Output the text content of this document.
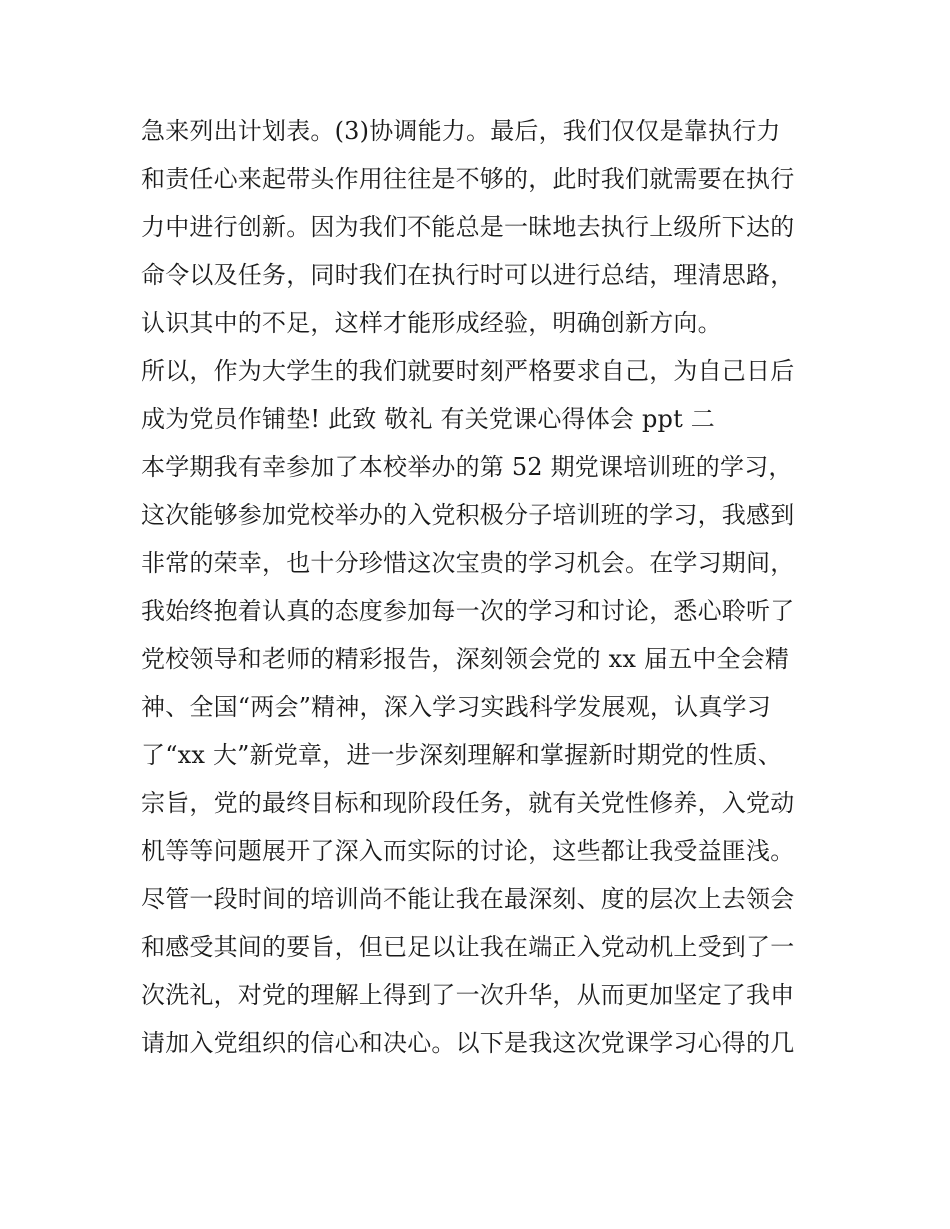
急来列出计划表。(3)协调能力。最后，我们仅仅是靠执行力
和责任心来起带头作用往往是不够的，此时我们就需要在执行
力中进行创新。因为我们不能总是一昧地去执行上级所下达的
命令以及任务，同时我们在执行时可以进行总结，理清思路，
认识其中的不足，这样才能形成经验，明确创新方向。
所以，作为大学生的我们就要时刻严格要求自己，为自己日后
成为党员作铺垫! 此致 敬礼 有关党课心得体会 ppt 二
本学期我有幸参加了本校举办的第 52 期党课培训班的学习，
这次能够参加党校举办的入党积极分子培训班的学习，我感到
非常的荣幸，也十分珍惜这次宝贵的学习机会。在学习期间，
我始终抱着认真的态度参加每一次的学习和讨论，悉心聆听了
党校领导和老师的精彩报告，深刻领会党的 xx 届五中全会精
神、全国“两会”精神，深入学习实践科学发展观，认真学习
了“xx 大”新党章，进一步深刻理解和掌握新时期党的性质、
宗旨，党的最终目标和现阶段任务，就有关党性修养，入党动
机等等问题展开了深入而实际的讨论，这些都让我受益匪浅。
尽管一段时间的培训尚不能让我在最深刻、度的层次上去领会
和感受其间的要旨，但已足以让我在端正入党动机上受到了一
次洗礼，对党的理解上得到了一次升华，从而更加坚定了我申
请加入党组织的信心和决心。以下是我这次党课学习心得的几
